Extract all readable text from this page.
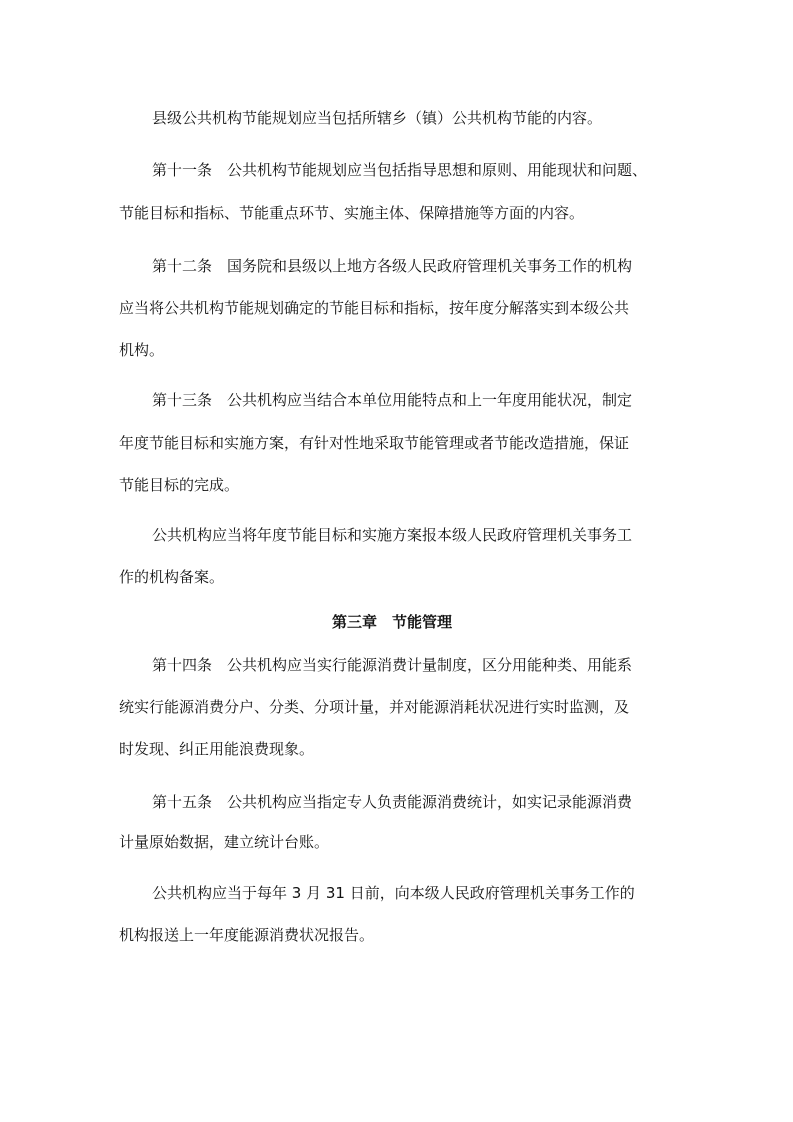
县级公共机构节能规划应当包括所辖乡（镇）公共机构节能的内容。
第十一条　公共机构节能规划应当包括指导思想和原则、用能现状和问题、
节能目标和指标、节能重点环节、实施主体、保障措施等方面的内容。
第十二条　国务院和县级以上地方各级人民政府管理机关事务工作的机构
应当将公共机构节能规划确定的节能目标和指标，按年度分解落实到本级公共
机构。
第十三条　公共机构应当结合本单位用能特点和上一年度用能状况，制定
年度节能目标和实施方案，有针对性地采取节能管理或者节能改造措施，保证
节能目标的完成。
公共机构应当将年度节能目标和实施方案报本级人民政府管理机关事务工
作的机构备案。
第三章　节能管理
第十四条　公共机构应当实行能源消费计量制度，区分用能种类、用能系
统实行能源消费分户、分类、分项计量，并对能源消耗状况进行实时监测，及
时发现、纠正用能浪费现象。
第十五条　公共机构应当指定专人负责能源消费统计，如实记录能源消费
计量原始数据，建立统计台账。
公共机构应当于每年 3 月 31 日前，向本级人民政府管理机关事务工作的
机构报送上一年度能源消费状况报告。
